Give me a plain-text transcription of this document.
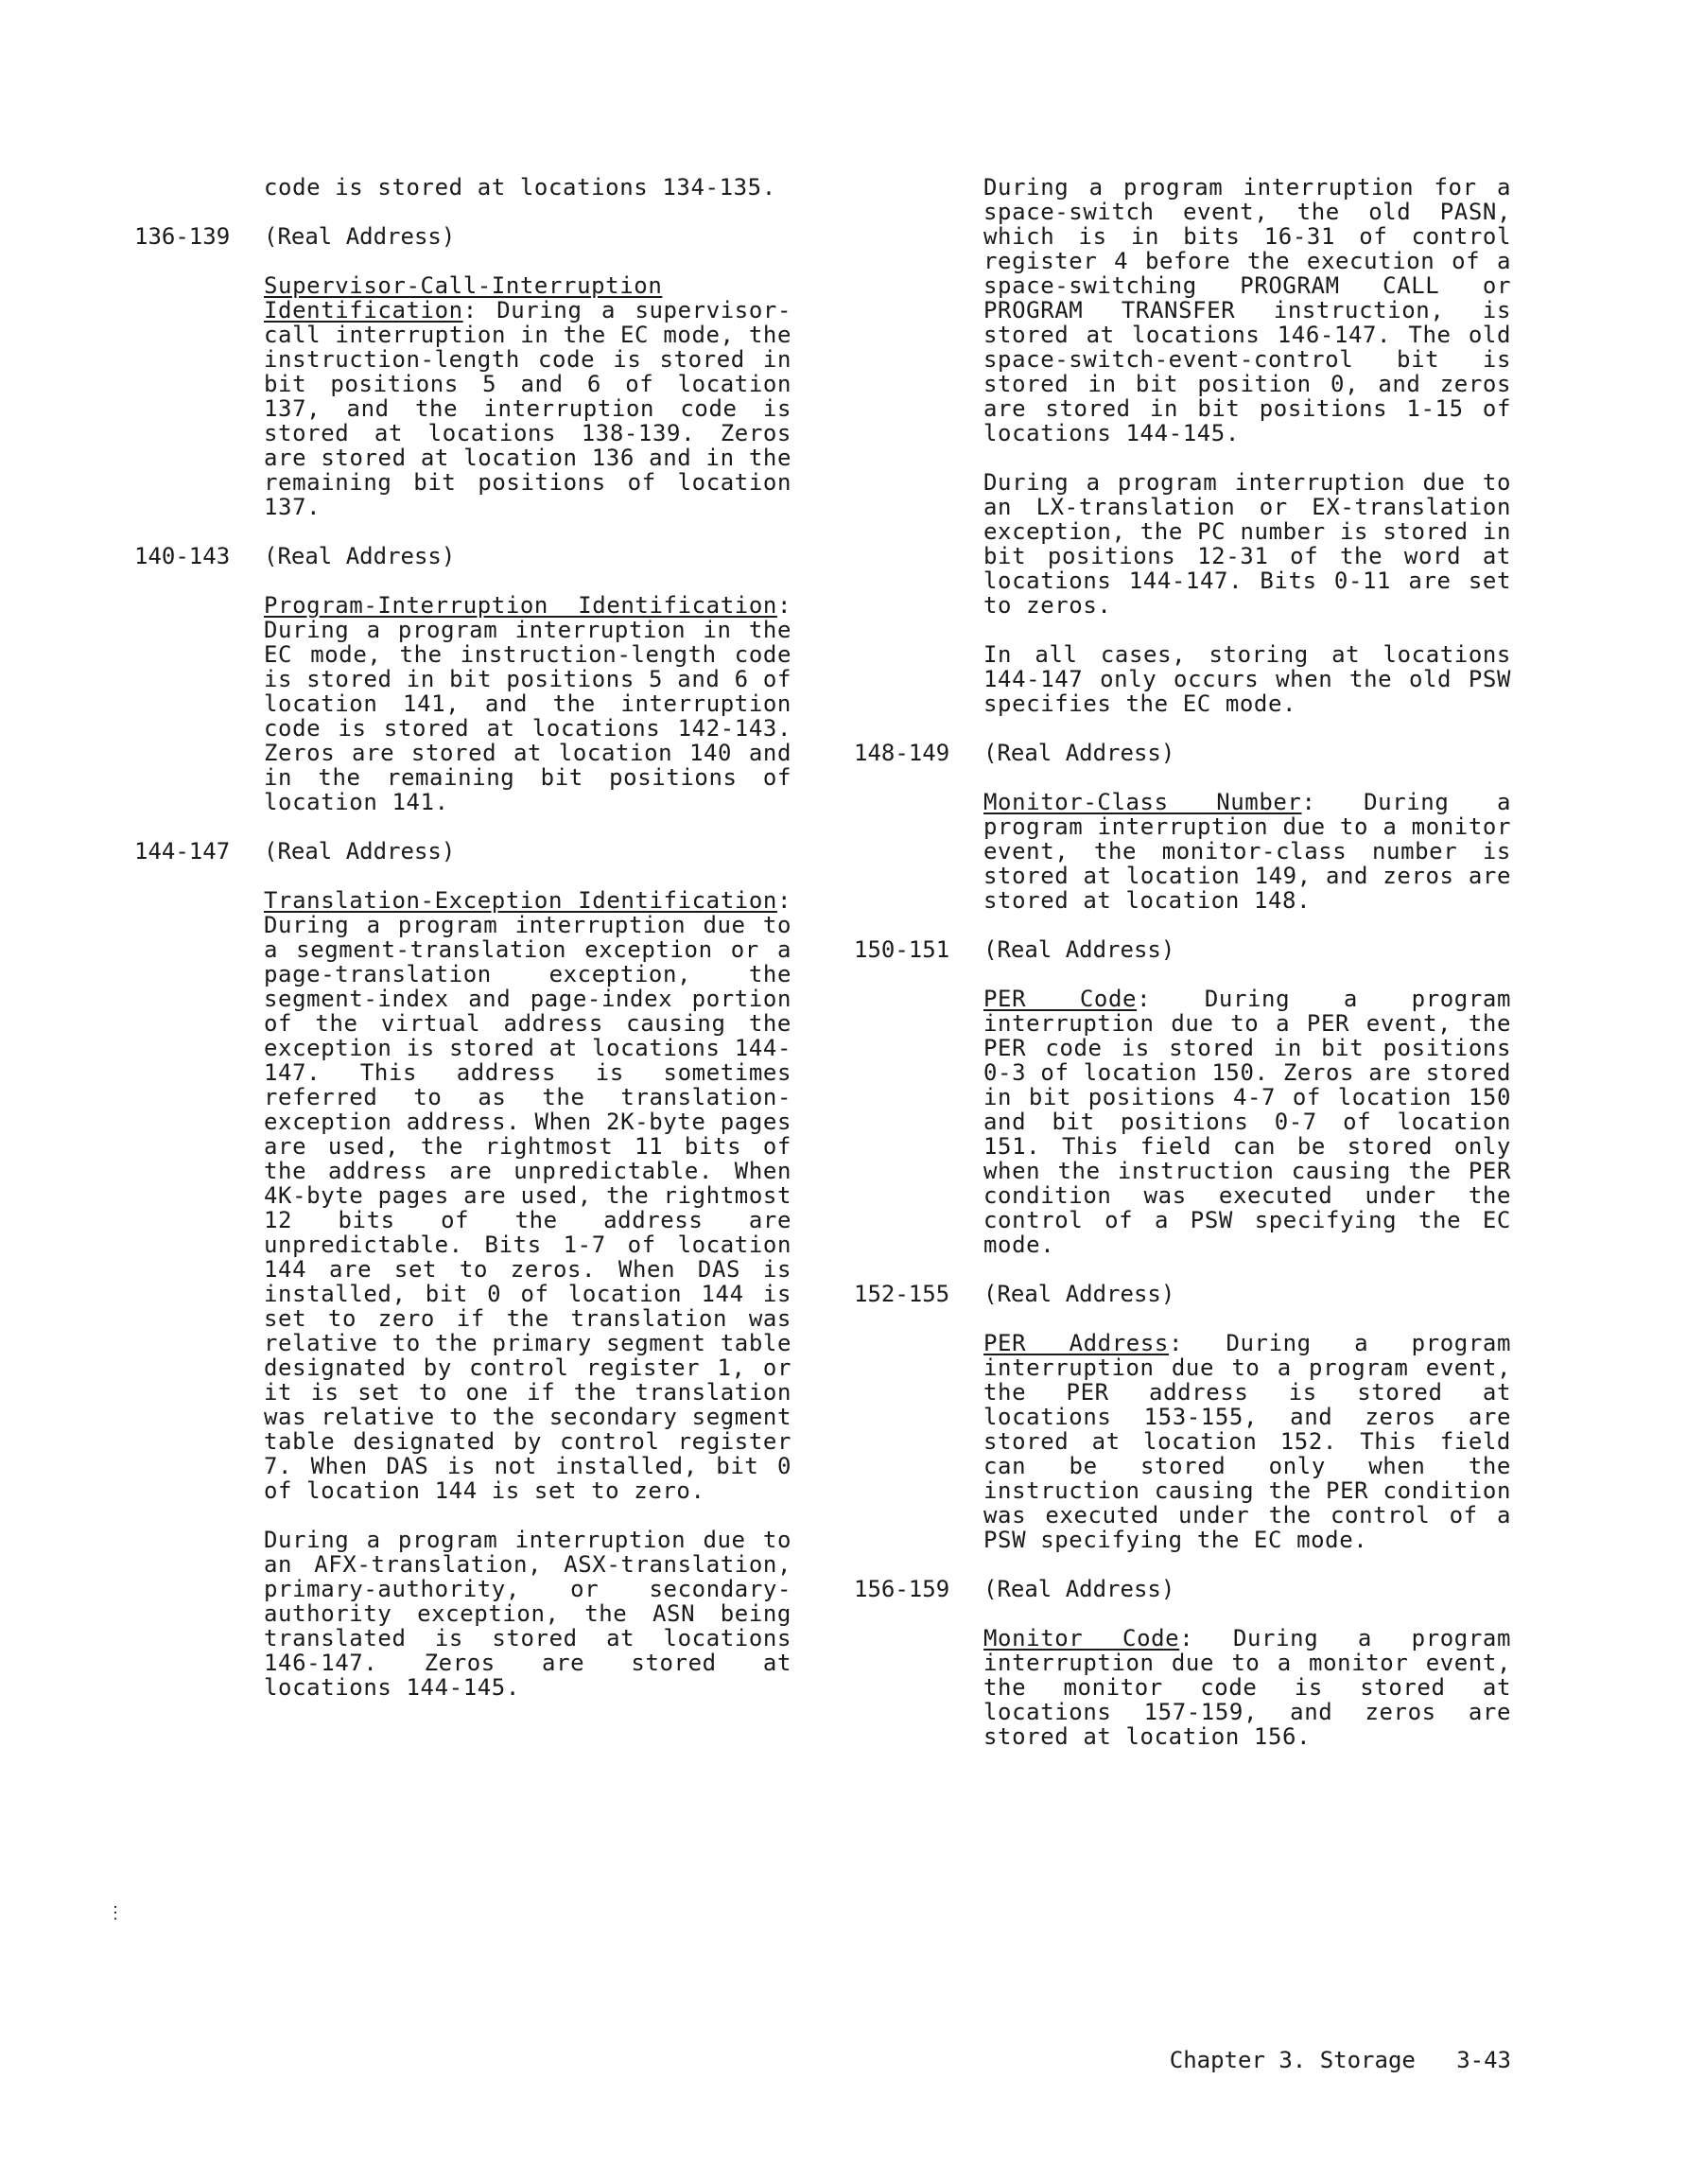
code is stored at locations 134-135.

136-139 (Real Address)

Supervisor-Call-Interruption Identification: During a supervisor-call interruption in the EC mode, the instruction-length code is stored in bit positions 5 and 6 of location 137, and the interruption code is stored at locations 138-139. Zeros are stored at location 136 and in the remaining bit positions of location 137.

140-143 (Real Address)

Program-Interruption Identification: During a program interruption in the EC mode, the instruction-length code is stored in bit positions 5 and 6 of location 141, and the interruption code is stored at locations 142-143. Zeros are stored at location 140 and in the remaining bit positions of location 141.

144-147 (Real Address)

Translation-Exception Identification: During a program interruption due to a segment-translation exception or a page-translation exception, the segment-index and page-index portion of the virtual address causing the exception is stored at locations 144-147. This address is sometimes referred to as the translation-exception address. When 2K-byte pages are used, the rightmost 11 bits of the address are unpredictable. When 4K-byte pages are used, the rightmost 12 bits of the address are unpredictable. Bits 1-7 of location 144 are set to zeros. When DAS is installed, bit 0 of location 144 is set to zero if the translation was relative to the primary segment table designated by control register 1, or it is set to one if the translation was relative to the secondary segment table designated by control register 7. When DAS is not installed, bit 0 of location 144 is set to zero.

During a program interruption due to an AFX-translation, ASX-translation, primary-authority, or secondary-authority exception, the ASN being translated is stored at locations 146-147. Zeros are stored at locations 144-145.

During a program interruption for a space-switch event, the old PASN, which is in bits 16-31 of control register 4 before the execution of a space-switching PROGRAM CALL or PROGRAM TRANSFER instruction, is stored at locations 146-147. The old space-switch-event-control bit is stored in bit position 0, and zeros are stored in bit positions 1-15 of locations 144-145.

During a program interruption due to an LX-translation or EX-translation exception, the PC number is stored in bit positions 12-31 of the word at locations 144-147. Bits 0-11 are set to zeros.

In all cases, storing at locations 144-147 only occurs when the old PSW specifies the EC mode.

148-149 (Real Address)

Monitor-Class Number: During a program interruption due to a monitor event, the monitor-class number is stored at location 149, and zeros are stored at location 148.

150-151 (Real Address)

PER Code: During a program interruption due to a PER event, the PER code is stored in bit positions 0-3 of location 150. Zeros are stored in bit positions 4-7 of location 150 and bit positions 0-7 of location 151. This field can be stored only when the instruction causing the PER condition was executed under the control of a PSW specifying the EC mode.

152-155 (Real Address)

PER Address: During a program interruption due to a program event, the PER address is stored at locations 153-155, and zeros are stored at location 152. This field can be stored only when the instruction causing the PER condition was executed under the control of a PSW specifying the EC mode.

156-159 (Real Address)

Monitor Code: During a program interruption due to a monitor event, the monitor code is stored at locations 157-159, and zeros are stored at location 156.

⋮
Chapter 3. Storage 3-43
